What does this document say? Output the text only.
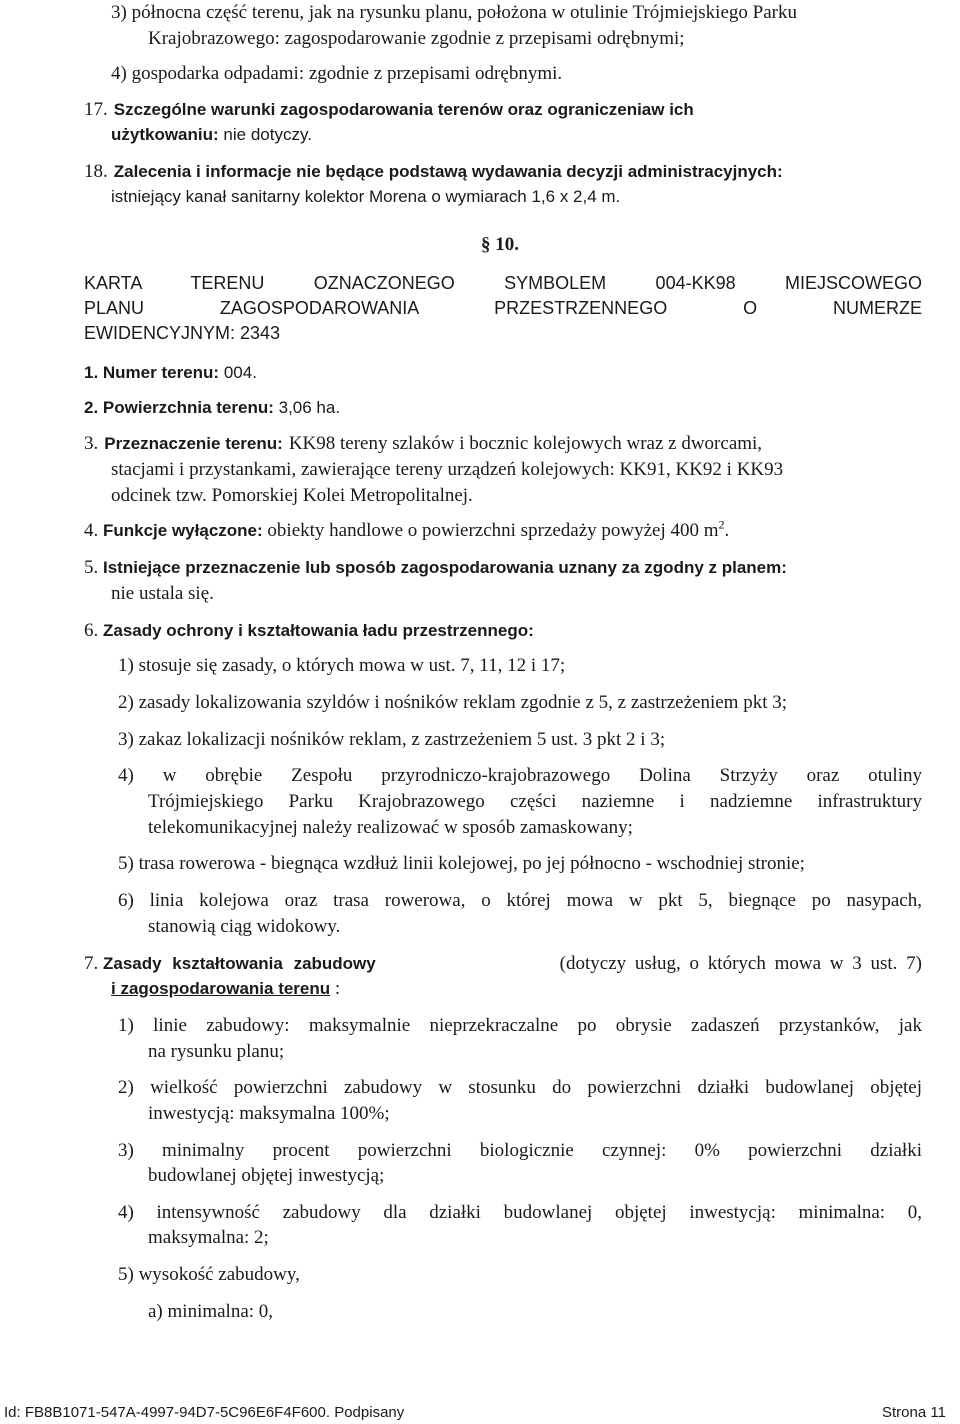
3) północna część terenu, jak na rysunku planu, położona w otulinie Trójmiejskiego Parku
Krajobrazowego: zagospodarowanie zgodnie z przepisami odrębnymi;
4) gospodarka odpadami: zgodnie z przepisami odrębnymi.
17. Szczególne warunki zagospodarowania terenów oraz ograniczeniaw ich
użytkowaniu: nie dotyczy.
18. Zalecenia i informacje nie będące podstawą wydawania decyzji administracyjnych:
istniejący kanał sanitarny kolektor Morena o wymiarach 1,6 x 2,4 m.
§ 10.
KARTA TERENU OZNACZONEGO SYMBOLEM 004-KK98 MIEJSCOWEGO
PLANU ZAGOSPODAROWANIA PRZESTRZENNEGO O NUMERZE
EWIDENCYJNYM: 2343
1. Numer terenu: 004.
2. Powierzchnia terenu: 3,06 ha.
3. Przeznaczenie terenu: KK98 tereny szlaków i bocznic kolejowych wraz z dworcami,
stacjami i przystankami, zawierające tereny urządzeń kolejowych: KK91, KK92 i KK93
odcinek tzw. Pomorskiej Kolei Metropolitalnej.
4. Funkcje wyłączone: obiekty handlowe o powierzchni sprzedaży powyżej 400 $m^2$.
5. Istniejące przeznaczenie lub sposób zagospodarowania uznany za zgodny z planem:
nie ustala się.
6. Zasady ochrony i kształtowania ładu przestrzennego:
1) stosuje się zasady, o których mowa w ust. 7, 11, 12 i 17;
2) zasady lokalizowania szyldów i nośników reklam zgodnie z 5, z zastrzeżeniem pkt 3;
3) zakaz lokalizacji nośników reklam, z zastrzeżeniem 5 ust. 3 pkt 2 i 3;
4) w obrębie Zespołu przyrodniczo-krajobrazowego Dolina Strzyży oraz otuliny
Trójmiejskiego Parku Krajobrazowego części naziemne i nadziemne infrastruktury
telekomunikacyjnej należy realizować w sposób zamaskowany;
5) trasa rowerowa - biegnąca wzdłuż linii kolejowej, po jej północno - wschodniej stronie;
6) linia kolejowa oraz trasa rowerowa, o której mowa w pkt 5, biegnące po nasypach,
stanowią ciąg widokowy.
7. Zasady kształtowania zabudowy	(dotyczy usług, o których mowa w 3 ust. 7)
i zagospodarowania terenu :
1) linie zabudowy: maksymalnie nieprzekraczalne po obrysie zadaszeń przystanków, jak
na rysunku planu;
2) wielkość powierzchni zabudowy w stosunku do powierzchni działki budowlanej objętej
inwestycją: maksymalna 100%;
3) minimalny procent powierzchni biologicznie czynnej: 0% powierzchni działki
budowlanej objętej inwestycją;
4) intensywność zabudowy dla działki budowlanej objętej inwestycją: minimalna: 0,
maksymalna: 2;
5) wysokość zabudowy,
a) minimalna: 0,
Id: FB8B1071-547A-4997-94D7-5C96E6F4F600. Podpisany	Strona 11
